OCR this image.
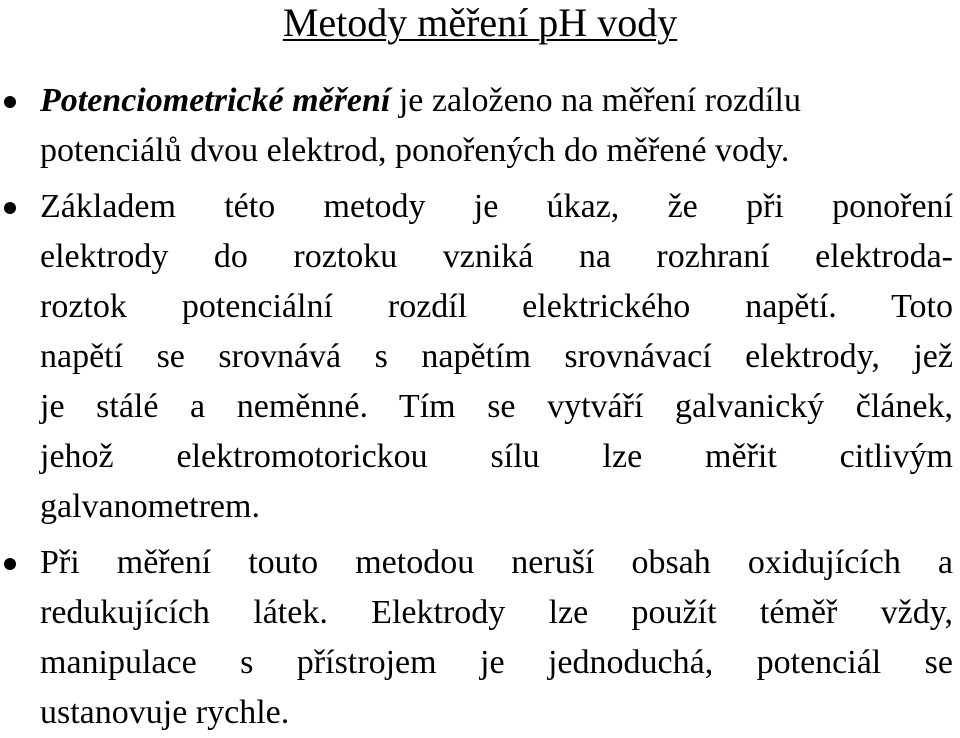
Metody měření pH vody
Potenciometrické měření je založeno na měření rozdílu
potenciálů dvou elektrod, ponořených do měřené vody.
Základem této metody je úkaz, že při ponoření
elektrody do roztoku vzniká na rozhraní elektroda-
roztok potenciální rozdíl elektrického napětí. Toto
napětí se srovnává s napětím srovnávací elektrody, jež
je stálé a neměnné. Tím se vytváří galvanický článek,
jehož elektromotorickou sílu lze měřit citlivým
galvanometrem.
Při měření touto metodou neruší obsah oxidujících a
redukujících látek. Elektrody lze použít téměř vždy,
manipulace s přístrojem je jednoduchá, potenciál se
ustanovuje rychle.
